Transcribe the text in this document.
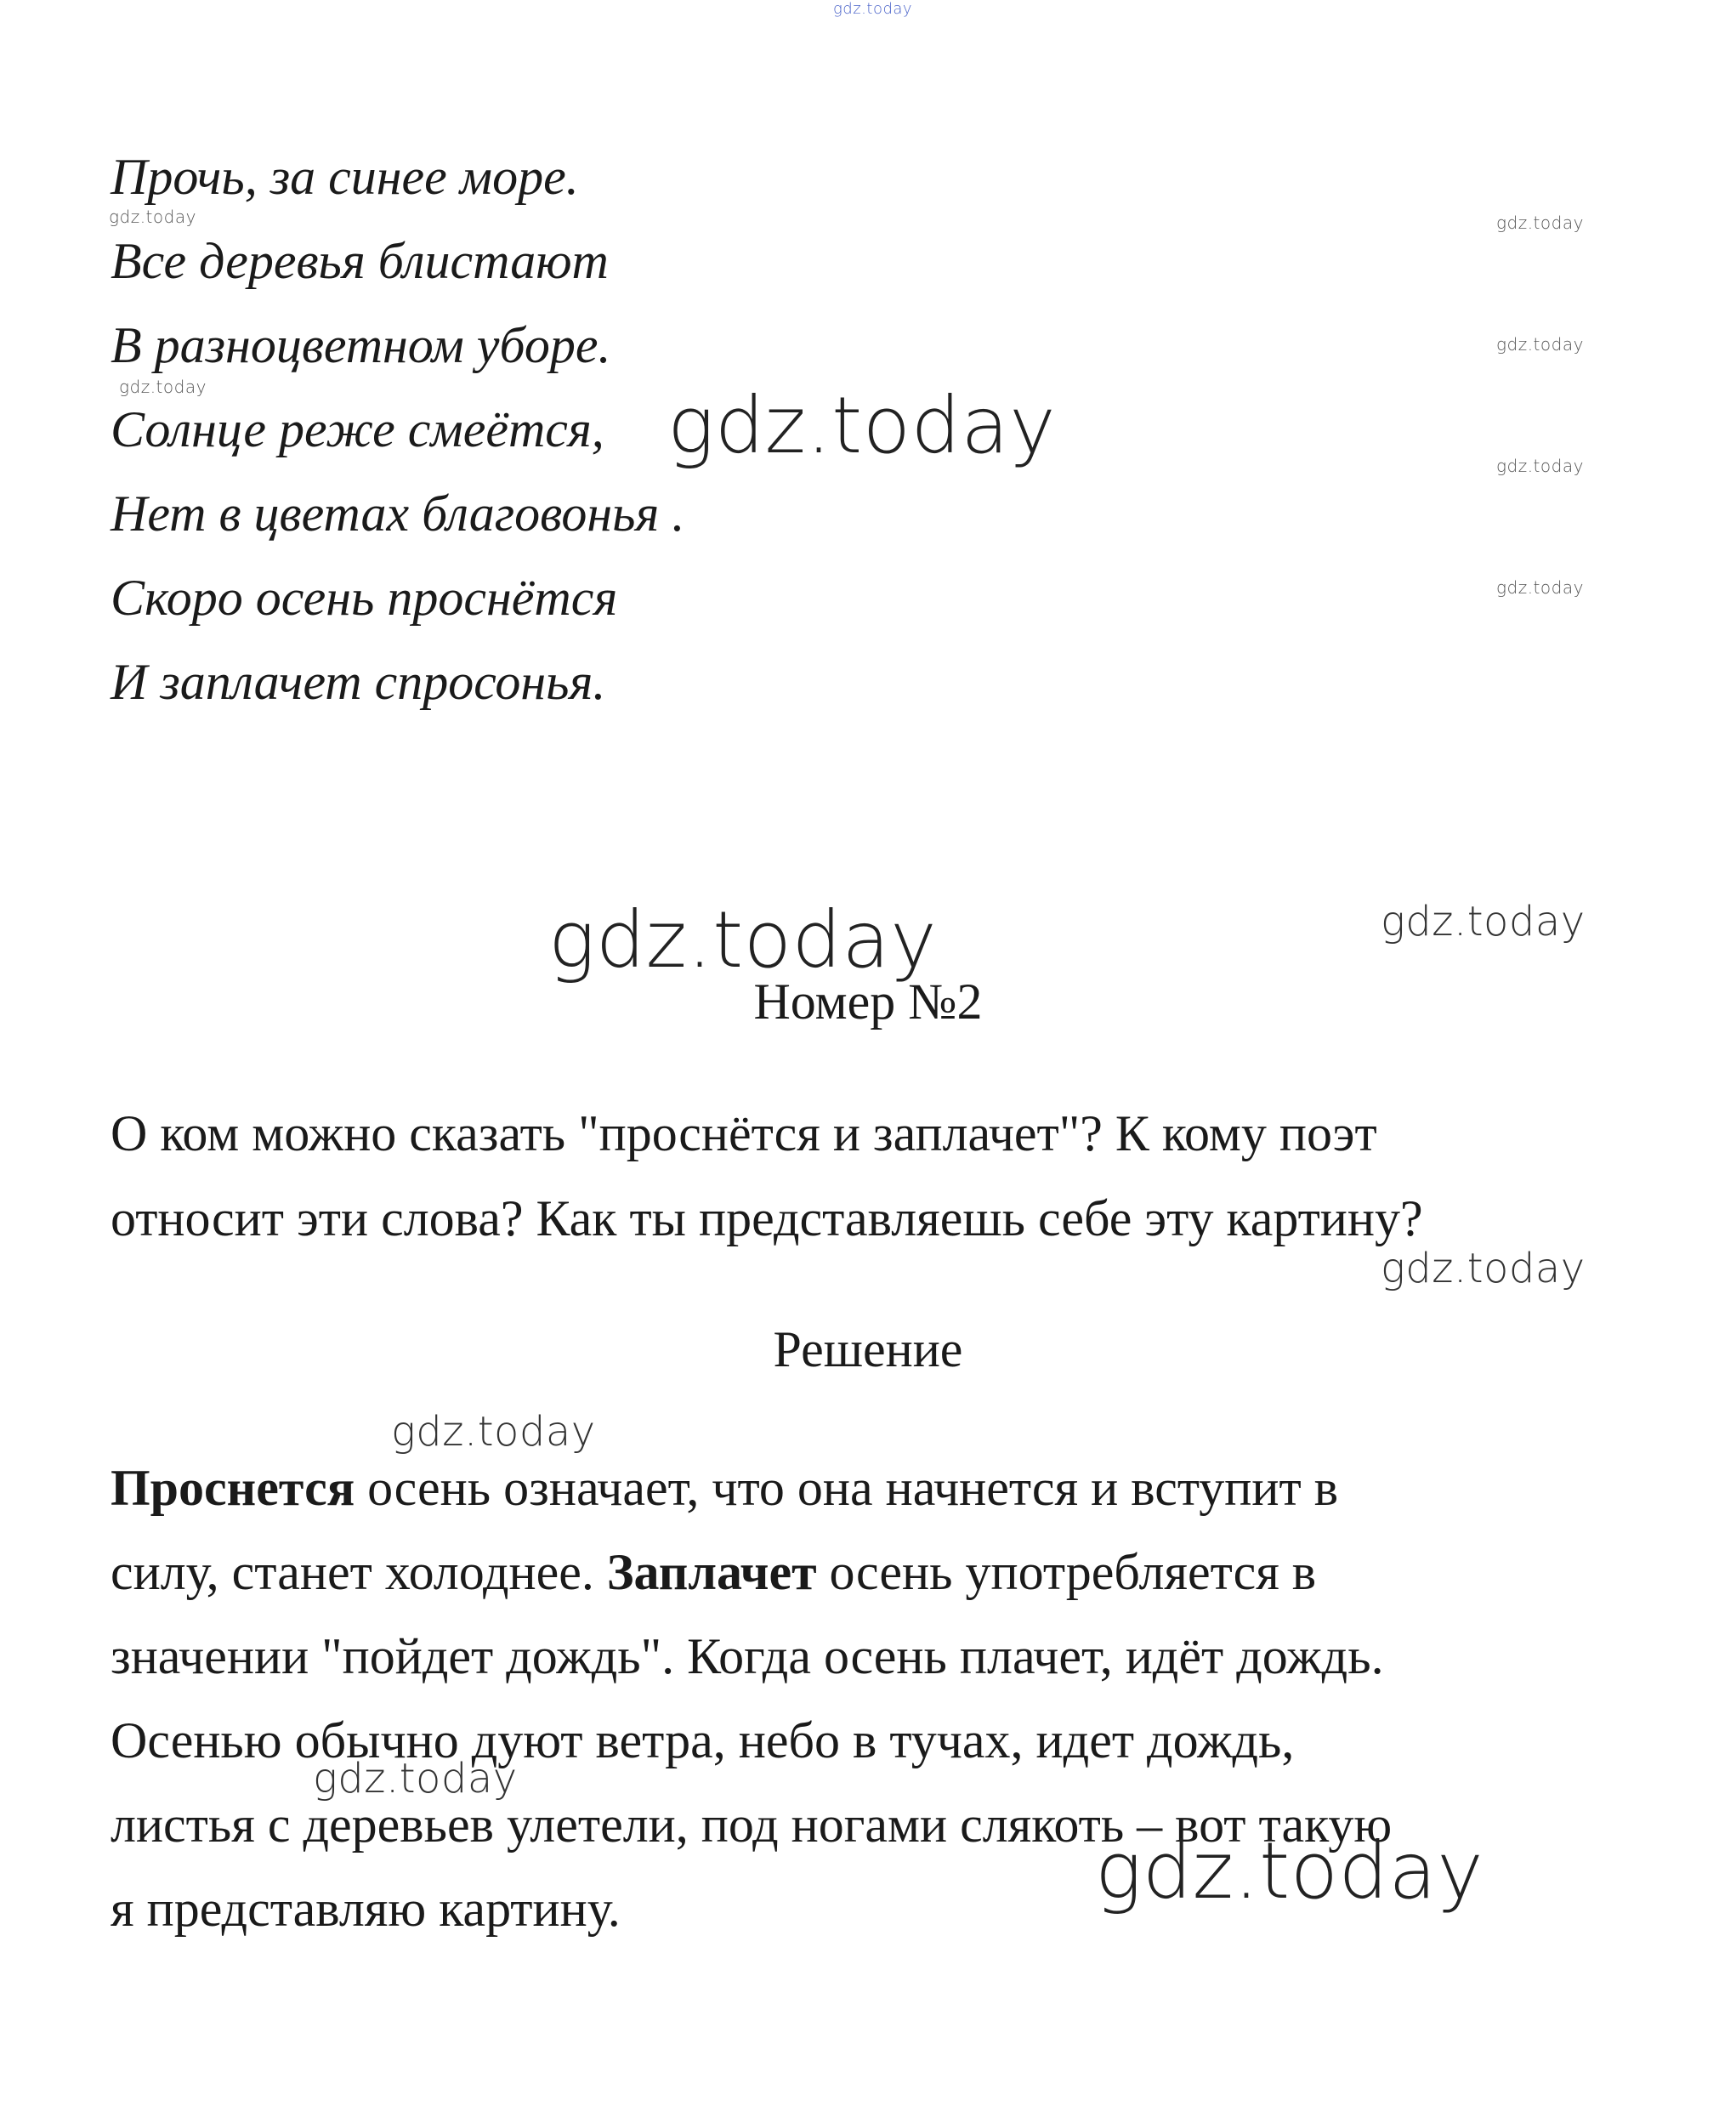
gdz.today
Прочь, за синее море.
Все деревья блистают
В разноцветном уборе.
Солнце реже смеётся,
Нет в цветах благовонья .
Скоро осень проснётся
И заплачет спросонья.
gdz.today	gdz.today
gdz.today
gdz.today	gdz.today	gdz.today
gdz.today
gdz.today	gdz.today
Номер №2
О ком можно сказать "проснётся и заплачет"? К кому поэт
относит эти слова? Как ты представляешь себе эту картину?
gdz.today
Решение
gdz.today
Проснется осень означает, что она начнется и вступит в
силу, станет холоднее. Заплачет осень употребляется в
значении "пойдет дождь". Когда осень плачет, идёт дождь.
Осенью обычно дуют ветра, небо в тучах, идет дождь,
листья с деревьев улетели, под ногами слякоть – вот такую
я представляю картину.
gdz.today
gdz.today
